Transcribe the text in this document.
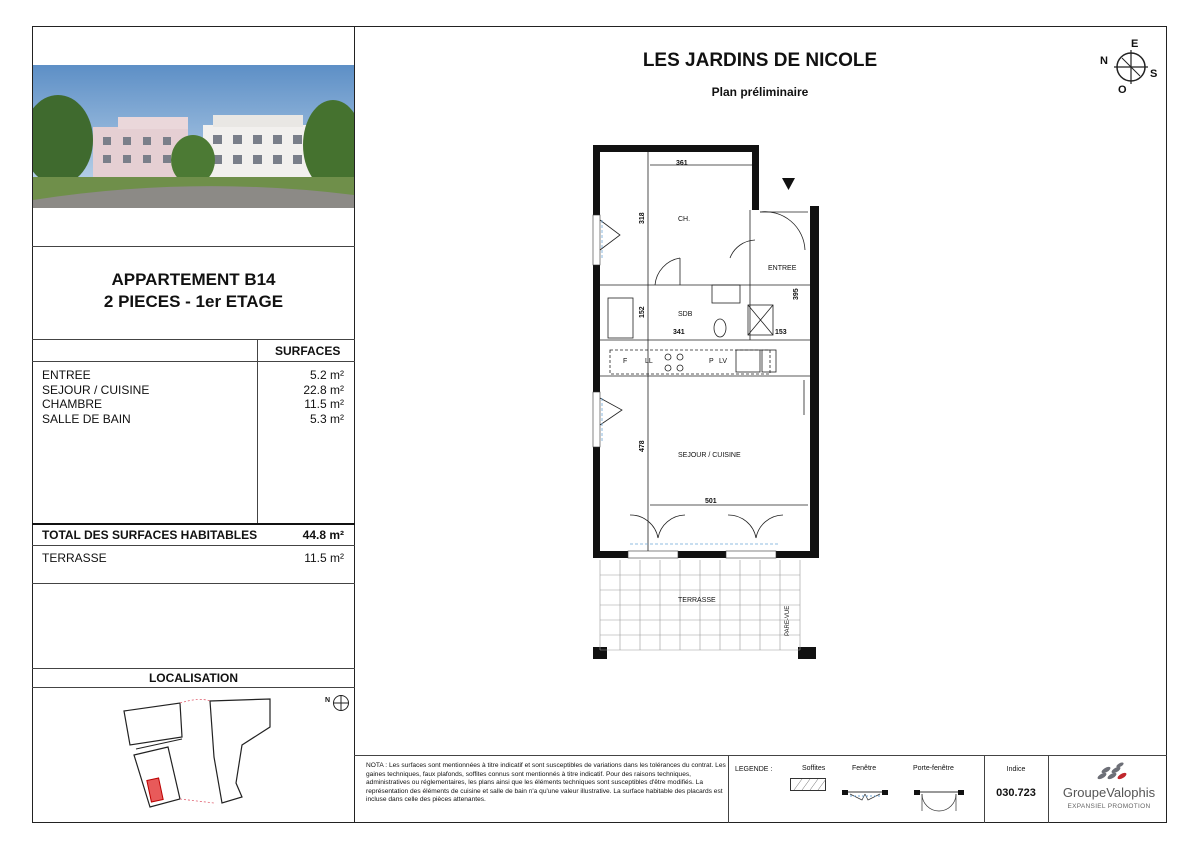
APPARTEMENT B14
2 PIECES - 1er ETAGE
SURFACES
ENTREE	5.2 m²
SEJOUR / CUISINE	22.8 m²
CHAMBRE	11.5 m²
SALLE DE BAIN	5.3 m²
TOTAL DES SURFACES HABITABLES	44.8 m²
TERRASSE	11.5 m²
LOCALISATION
N
LES JARDINS DE NICOLE
Plan préliminaire
N
E
S
O
CH.
ENTREE
SDB
SEJOUR / CUISINE
TERRASSE
PARE-VUE
361
318
395
152
341	153
478
501
F	LL	P LV
NOTA : Les surfaces sont mentionnées à titre indicatif et sont susceptibles de variations dans les tolérances du contrat. Les gaines techniques, faux plafonds, soffites connus sont mentionnés à titre indicatif. Pour des raisons techniques, administratives ou réglementaires, les plans ainsi que les éléments techniques sont susceptibles d'être modifiés. La représentation des éléments de cuisine et salle de bain n'a qu'une valeur illustrative. La surface habitable des placards est incluse dans celle des pièces attenantes.
LEGENDE :	Soffites	Fenêtre	Porte-fenêtre	Indice
030.723	GroupeValophis
EXPANSIEL PROMOTION
